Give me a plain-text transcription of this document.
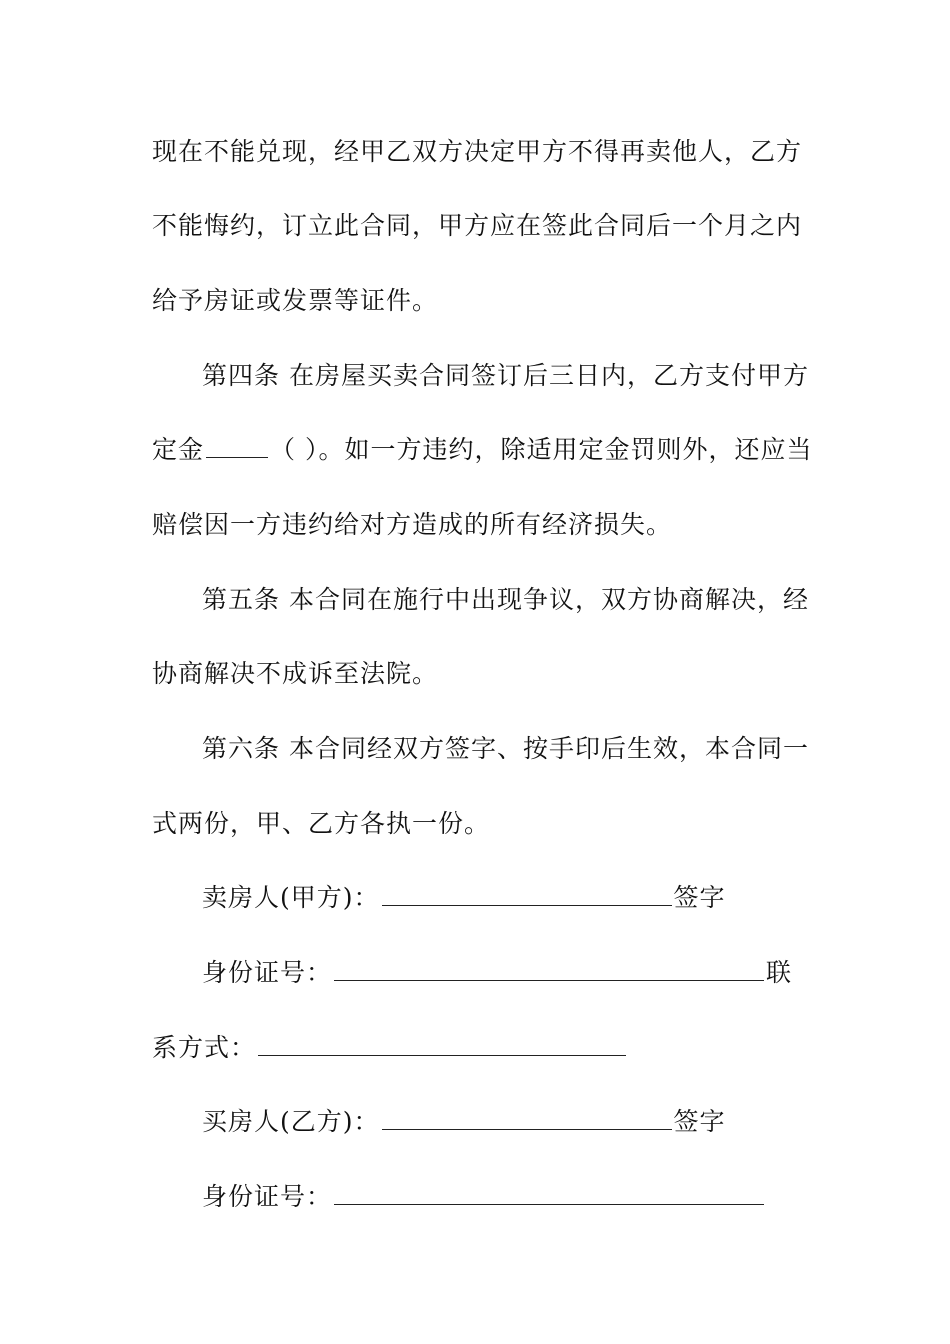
现在不能兑现，经甲乙双方决定甲方不得再卖他人，乙方
不能悔约，订立此合同，甲方应在签此合同后一个月之内
给予房证或发票等证件。
第四条 在房屋买卖合同签订后三日内，乙方支付甲方
定金	（ ）。如一方违约，除适用定金罚则外，还应当
赔偿因一方违约给对方造成的所有经济损失。
第五条 本合同在施行中出现争议，双方协商解决，经
协商解决不成诉至法院。
第六条 本合同经双方签字、按手印后生效，本合同一
式两份，甲、乙方各执一份。
卖房人(甲方)：	签字
身份证号：	联
系方式：
买房人(乙方)：	签字
身份证号：
